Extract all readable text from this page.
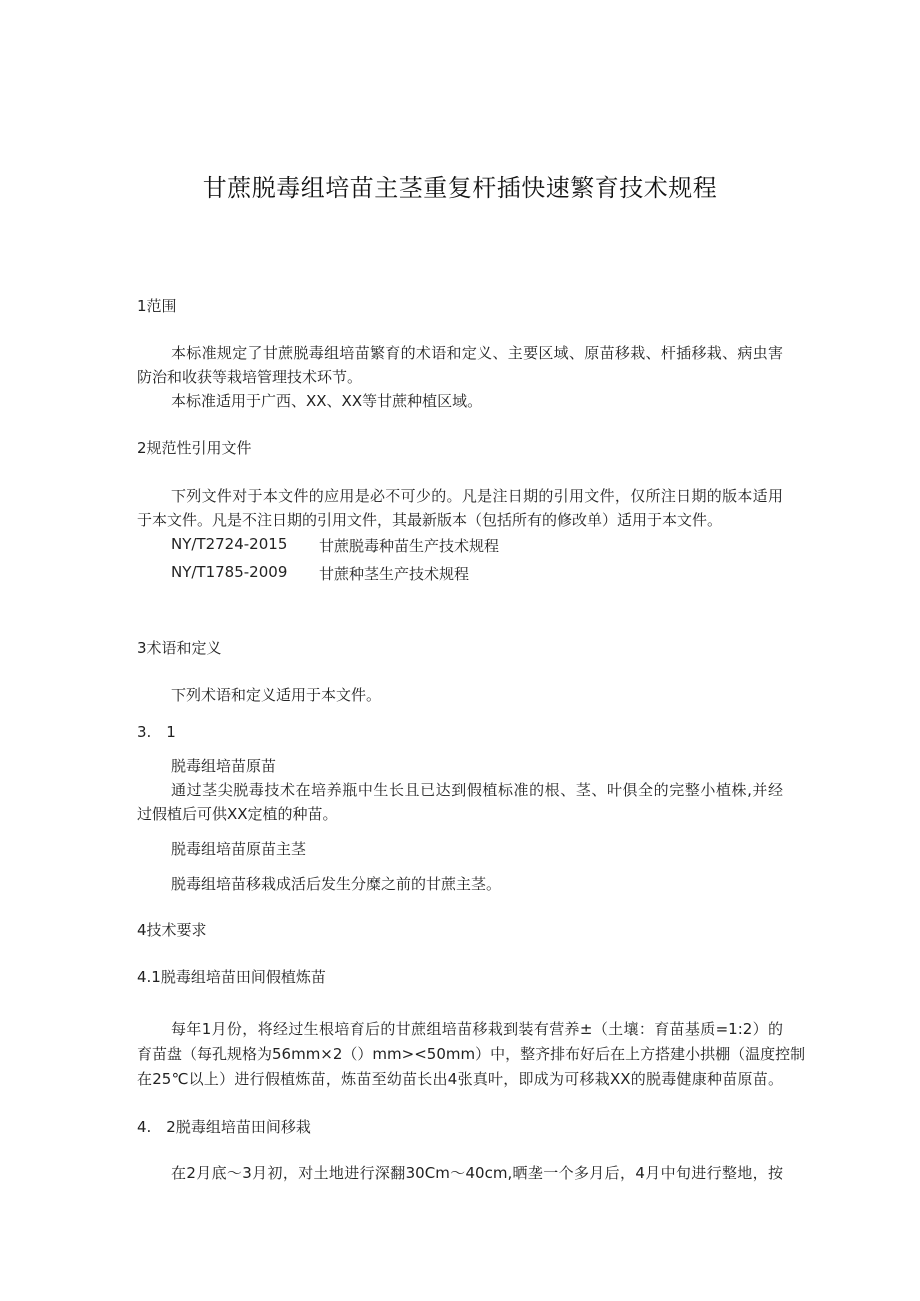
甘蔗脱毒组培苗主茎重复杆插快速繁育技术规程
1范围
本标准规定了甘蔗脱毒组培苗繁育的术语和定义、主要区域、原苗移栽、杆插移栽、病虫害
防治和收获等栽培管理技术环节。
本标准适用于广西、XX、XX等甘蔗种植区域。
2规范性引用文件
下列文件对于本文件的应用是必不可少的。凡是注日期的引用文件，仅所注日期的版本适用
于本文件。凡是不注日期的引用文件，其最新版本（包括所有的修改单）适用于本文件。
NY/T2724-2015 甘蔗脱毒种苗生产技术规程
NY/T1785-2009 甘蔗种茎生产技术规程
3术语和定义
下列术语和定义适用于本文件。
3.　1
脱毒组培苗原苗
通过茎尖脱毒技术在培养瓶中生长且已达到假植标准的根、茎、叶俱全的完整小植株,并经
过假植后可供XX定植的种苗。
脱毒组培苗原苗主茎
脱毒组培苗移栽成活后发生分糜之前的甘蔗主茎。
4技术要求
4.1脱毒组培苗田间假植炼苗
每年1月份，将经过生根培育后的甘蔗组培苗移栽到装有营养±（土壤：育苗基质=1:2）的
育苗盘（每孔规格为56mm×2（）mm><50mm）中，整齐排布好后在上方搭建小拱棚（温度控制
在25℃以上）进行假植炼苗，炼苗至幼苗长出4张真叶，即成为可移栽XX的脱毒健康种苗原苗。
4.　2脱毒组培苗田间移栽
在2月底～3月初，对土地进行深翻30Cm～40cm,晒垄一个多月后，4月中旬进行整地，按
